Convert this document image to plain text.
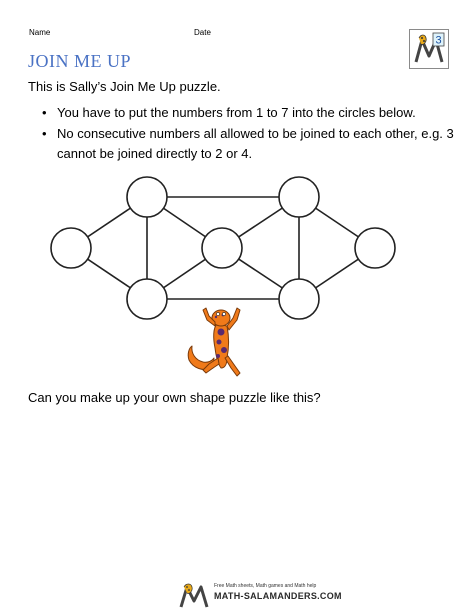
Name	Date
3
JOIN ME UP
This is Sally’s Join Me Up puzzle.
• You have to put the numbers from 1 to 7 into the circles below.
• No consecutive numbers all allowed to be joined to each other, e.g. 3 cannot be joined directly to 2 or 4.
Can you make up your own shape puzzle like this?
Free Math sheets, Math games and Math help
MATH-SALAMANDERS.COM
